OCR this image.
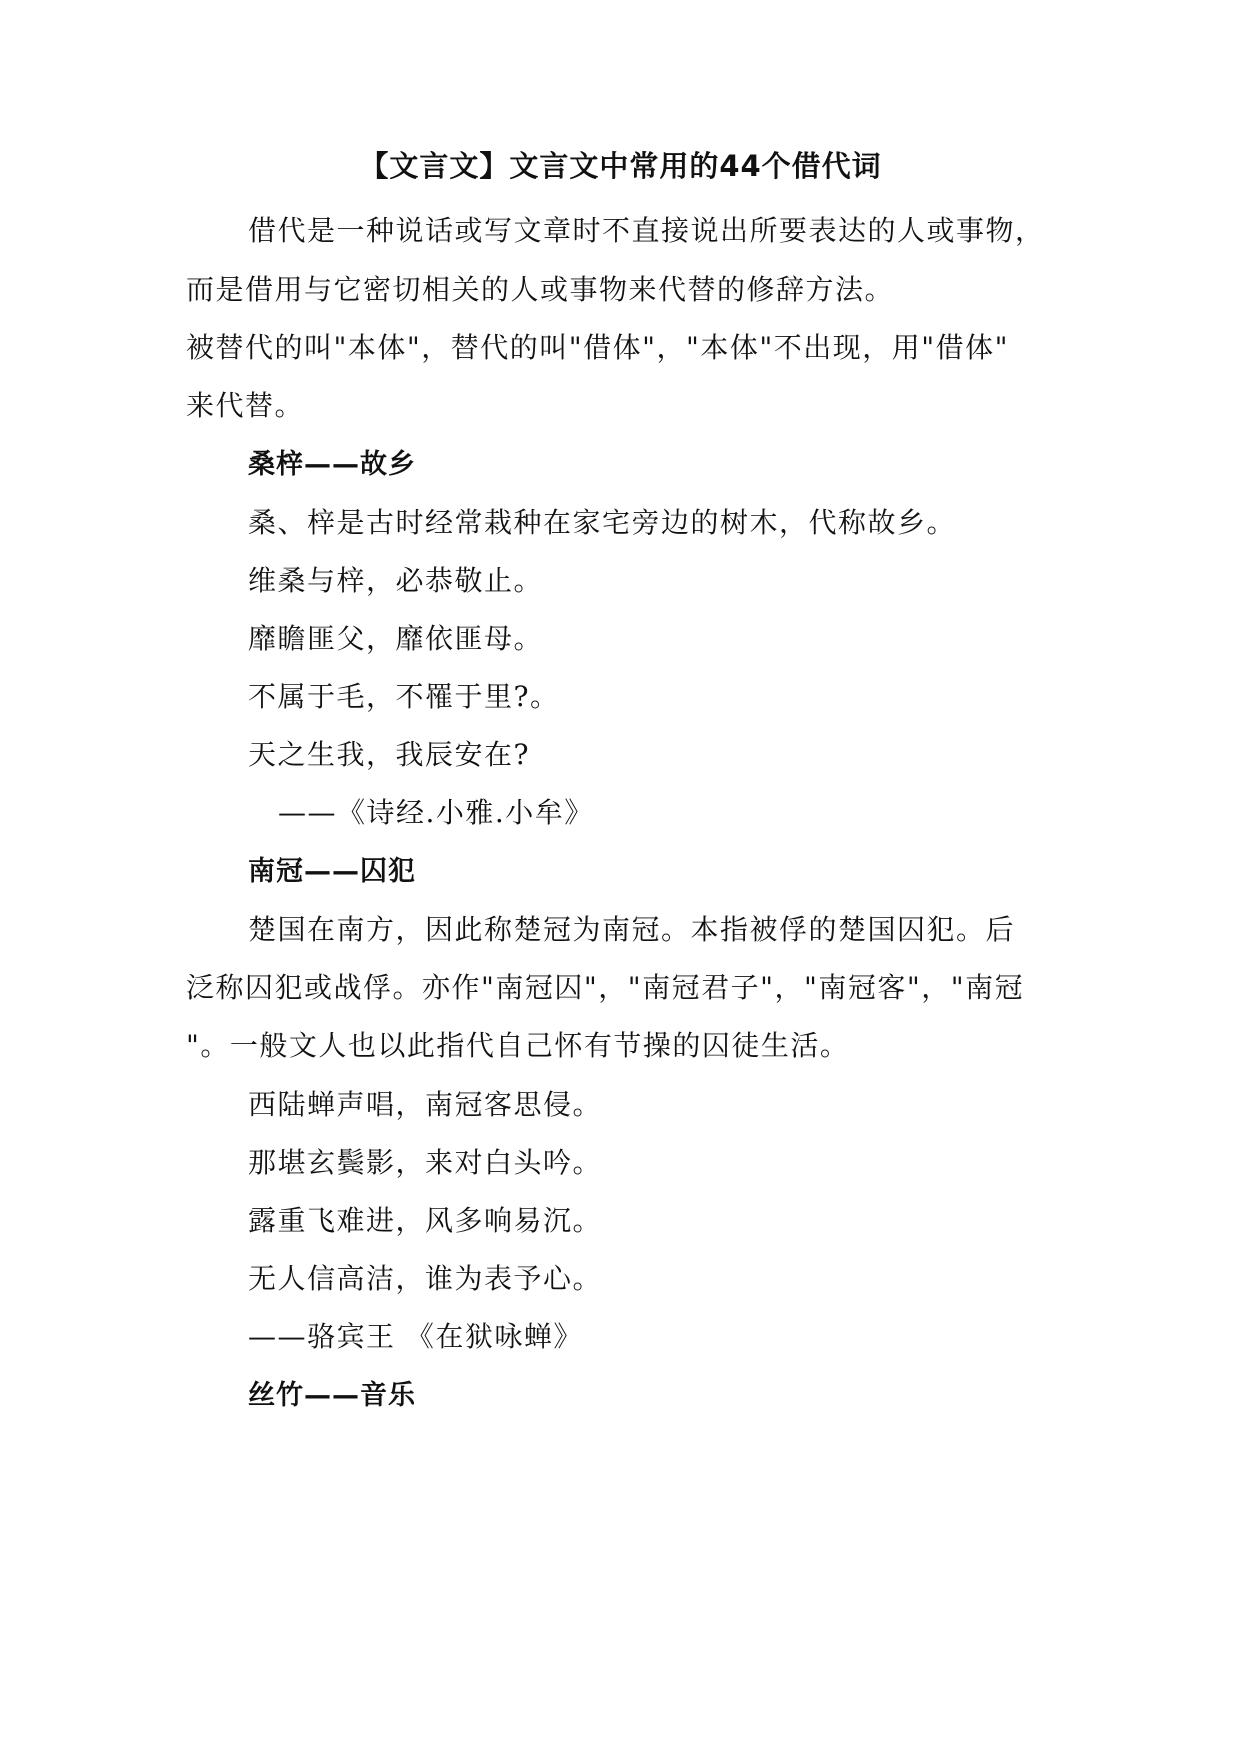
【文言文】文言文中常用的44个借代词
借代是一种说话或写文章时不直接说出所要表达的人或事物，
而是借用与它密切相关的人或事物来代替的修辞方法。
被替代的叫"本体"，替代的叫"借体"，"本体"不出现，用"借体"
来代替。
桑梓——故乡
桑、梓是古时经常栽种在家宅旁边的树木，代称故乡。
维桑与梓，必恭敬止。
靡瞻匪父，靡依匪母。
不属于毛，不罹于里?。
天之生我，我辰安在?
——《诗经.小雅.小牟》
南冠——囚犯
楚国在南方，因此称楚冠为南冠。本指被俘的楚国囚犯。后
泛称囚犯或战俘。亦作"南冠囚"，"南冠君子"，"南冠客"，"南冠
"。一般文人也以此指代自己怀有节操的囚徒生活。
西陆蝉声唱，南冠客思侵。
那堪玄鬓影，来对白头吟。
露重飞难进，风多响易沉。
无人信高洁，谁为表予心。
——骆宾王 《在狱咏蝉》
丝竹——音乐
